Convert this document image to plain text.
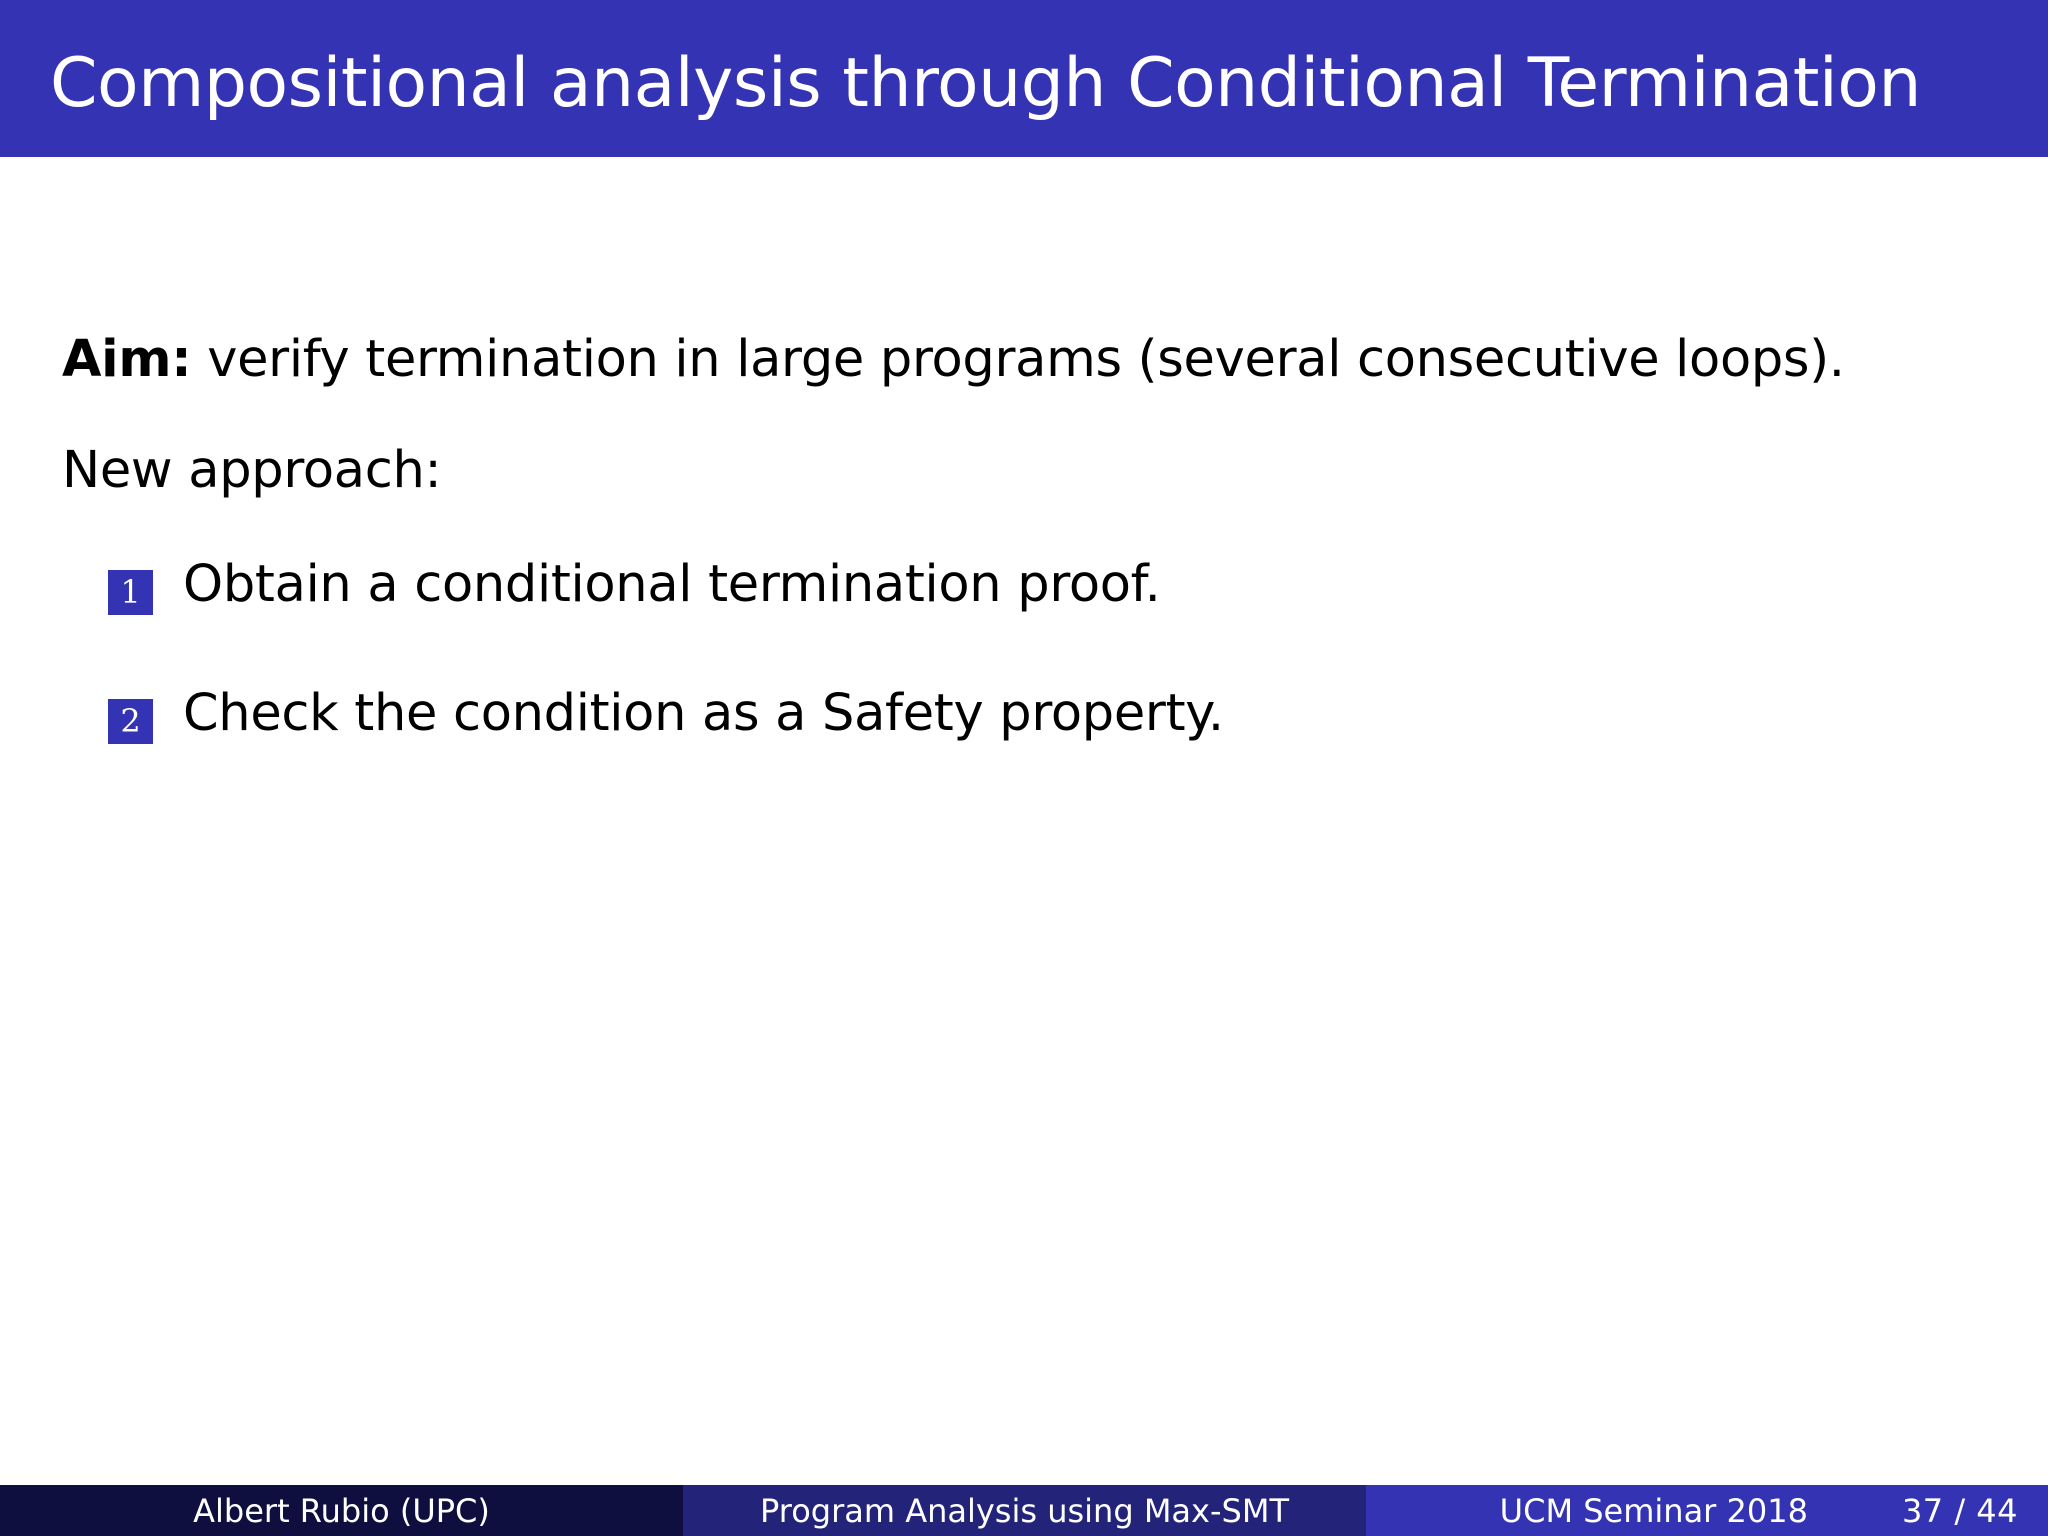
Compositional analysis through Conditional Termination

Aim: verify termination in large programs (several consecutive loops).

New approach:

1 Obtain a conditional termination proof.
2 Check the condition as a Safety property.
Albert Rubio (UPC)	Program Analysis using Max-SMT	UCM Seminar 2018	37 / 44
